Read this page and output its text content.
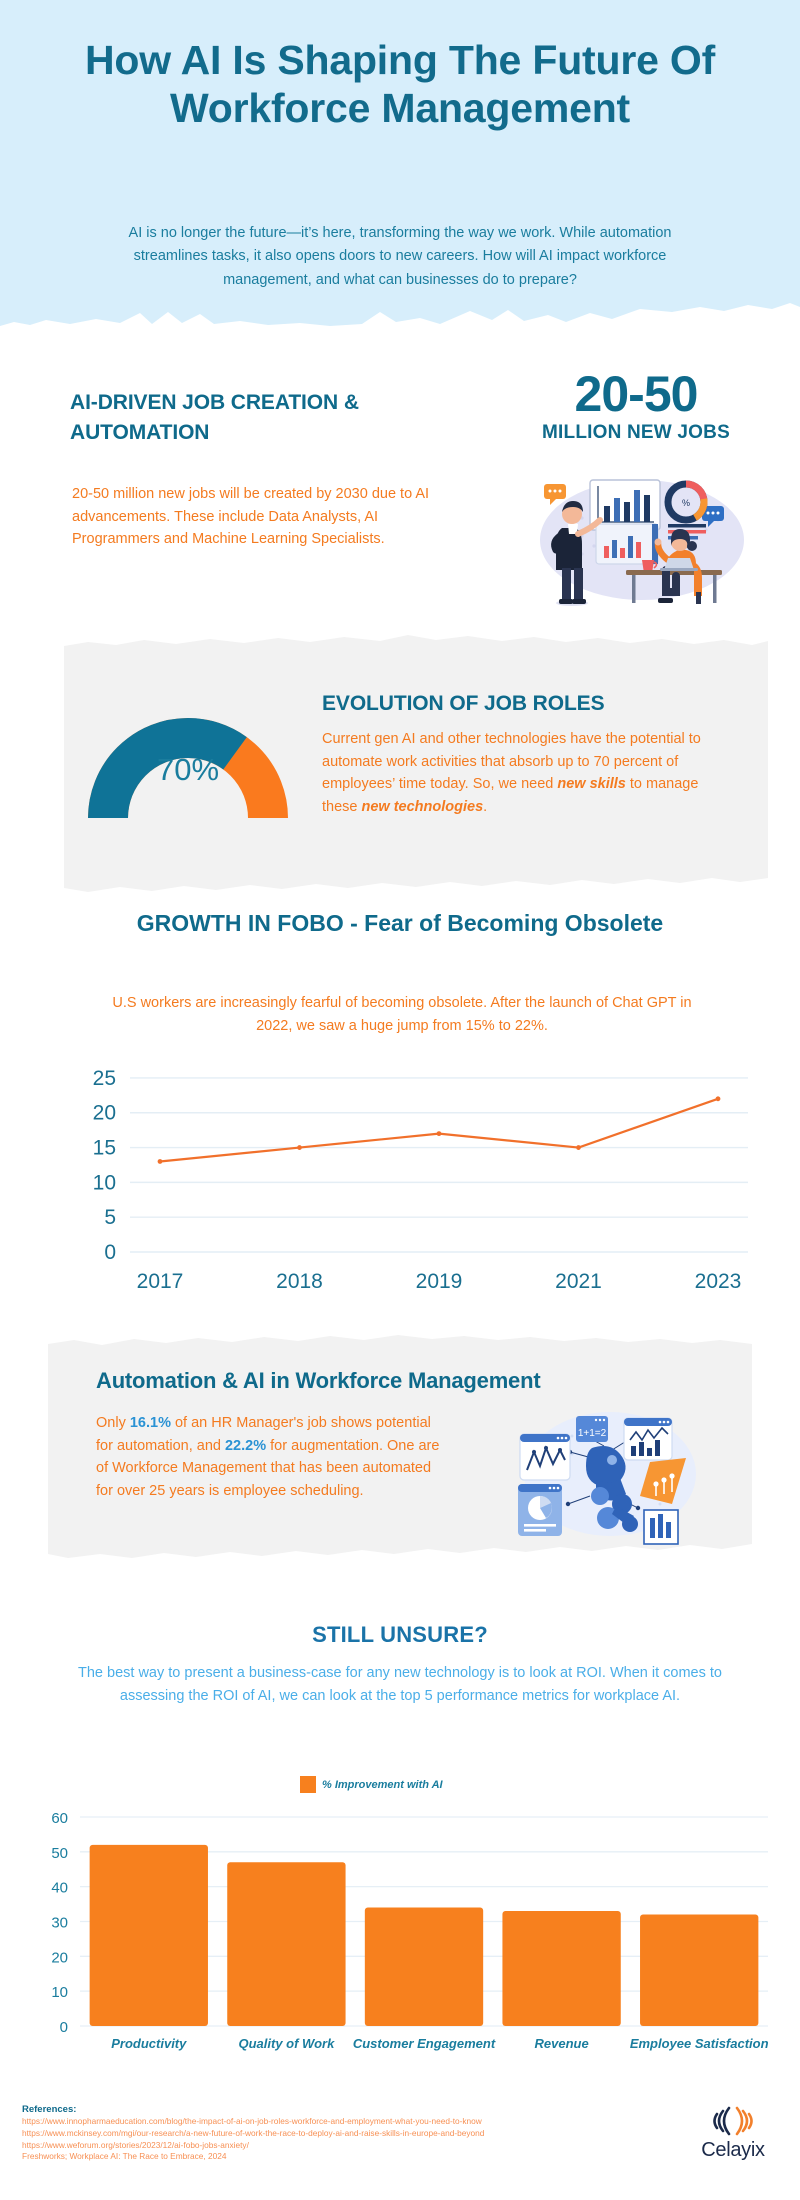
How AI Is Shaping The Future Of Workforce Management
AI is no longer the future—it’s here, transforming the way we work. While automation streamlines tasks, it also opens doors to new careers. How will AI impact workforce management, and what can businesses do to prepare?
AI-DRIVEN JOB CREATION & AUTOMATION
20-50 million new jobs will be created by 2030 due to AI advancements. These include Data Analysts, AI Programmers and Machine Learning Specialists.
20-50
MILLION NEW JOBS
%
70%
EVOLUTION OF JOB ROLES
Current gen AI and other technologies have the potential to automate work activities that absorb up to 70 percent of employees’ time today. So, we need new skills to manage these new technologies.
GROWTH IN FOBO - Fear of Becoming Obsolete
U.S workers are increasingly fearful of becoming obsolete. After the launch of Chat GPT in 2022, we saw a huge jump from 15% to 22%.
0
5
10
15
20
25
2017	2018	2019	2021	2023
Automation & AI in Workforce Management
Only 16.1% of an HR Manager's job shows potential for automation, and 22.2% for augmentation. One are of Workforce Management that has been automated for over 25 years is employee scheduling.
1+1=2
STILL UNSURE?
The best way to present a business-case for any new technology is to look at ROI. When it comes to assessing the ROI of AI, we can look at the top 5 performance metrics for workplace AI.
% Improvement with AI
0
10
20
30
40
50
60
Productivity	Quality of Work Customer Engagement	Revenue	Employee Satisfaction
References:
https://www.innopharmaeducation.com/blog/the-impact-of-ai-on-job-roles-workforce-and-employment-what-you-need-to-know
https://www.mckinsey.com/mgi/our-research/a-new-future-of-work-the-race-to-deploy-ai-and-raise-skills-in-europe-and-beyond
https://www.weforum.org/stories/2023/12/ai-fobo-jobs-anxiety/
Freshworks; Workplace AI: The Race to Embrace, 2024	Celayix
